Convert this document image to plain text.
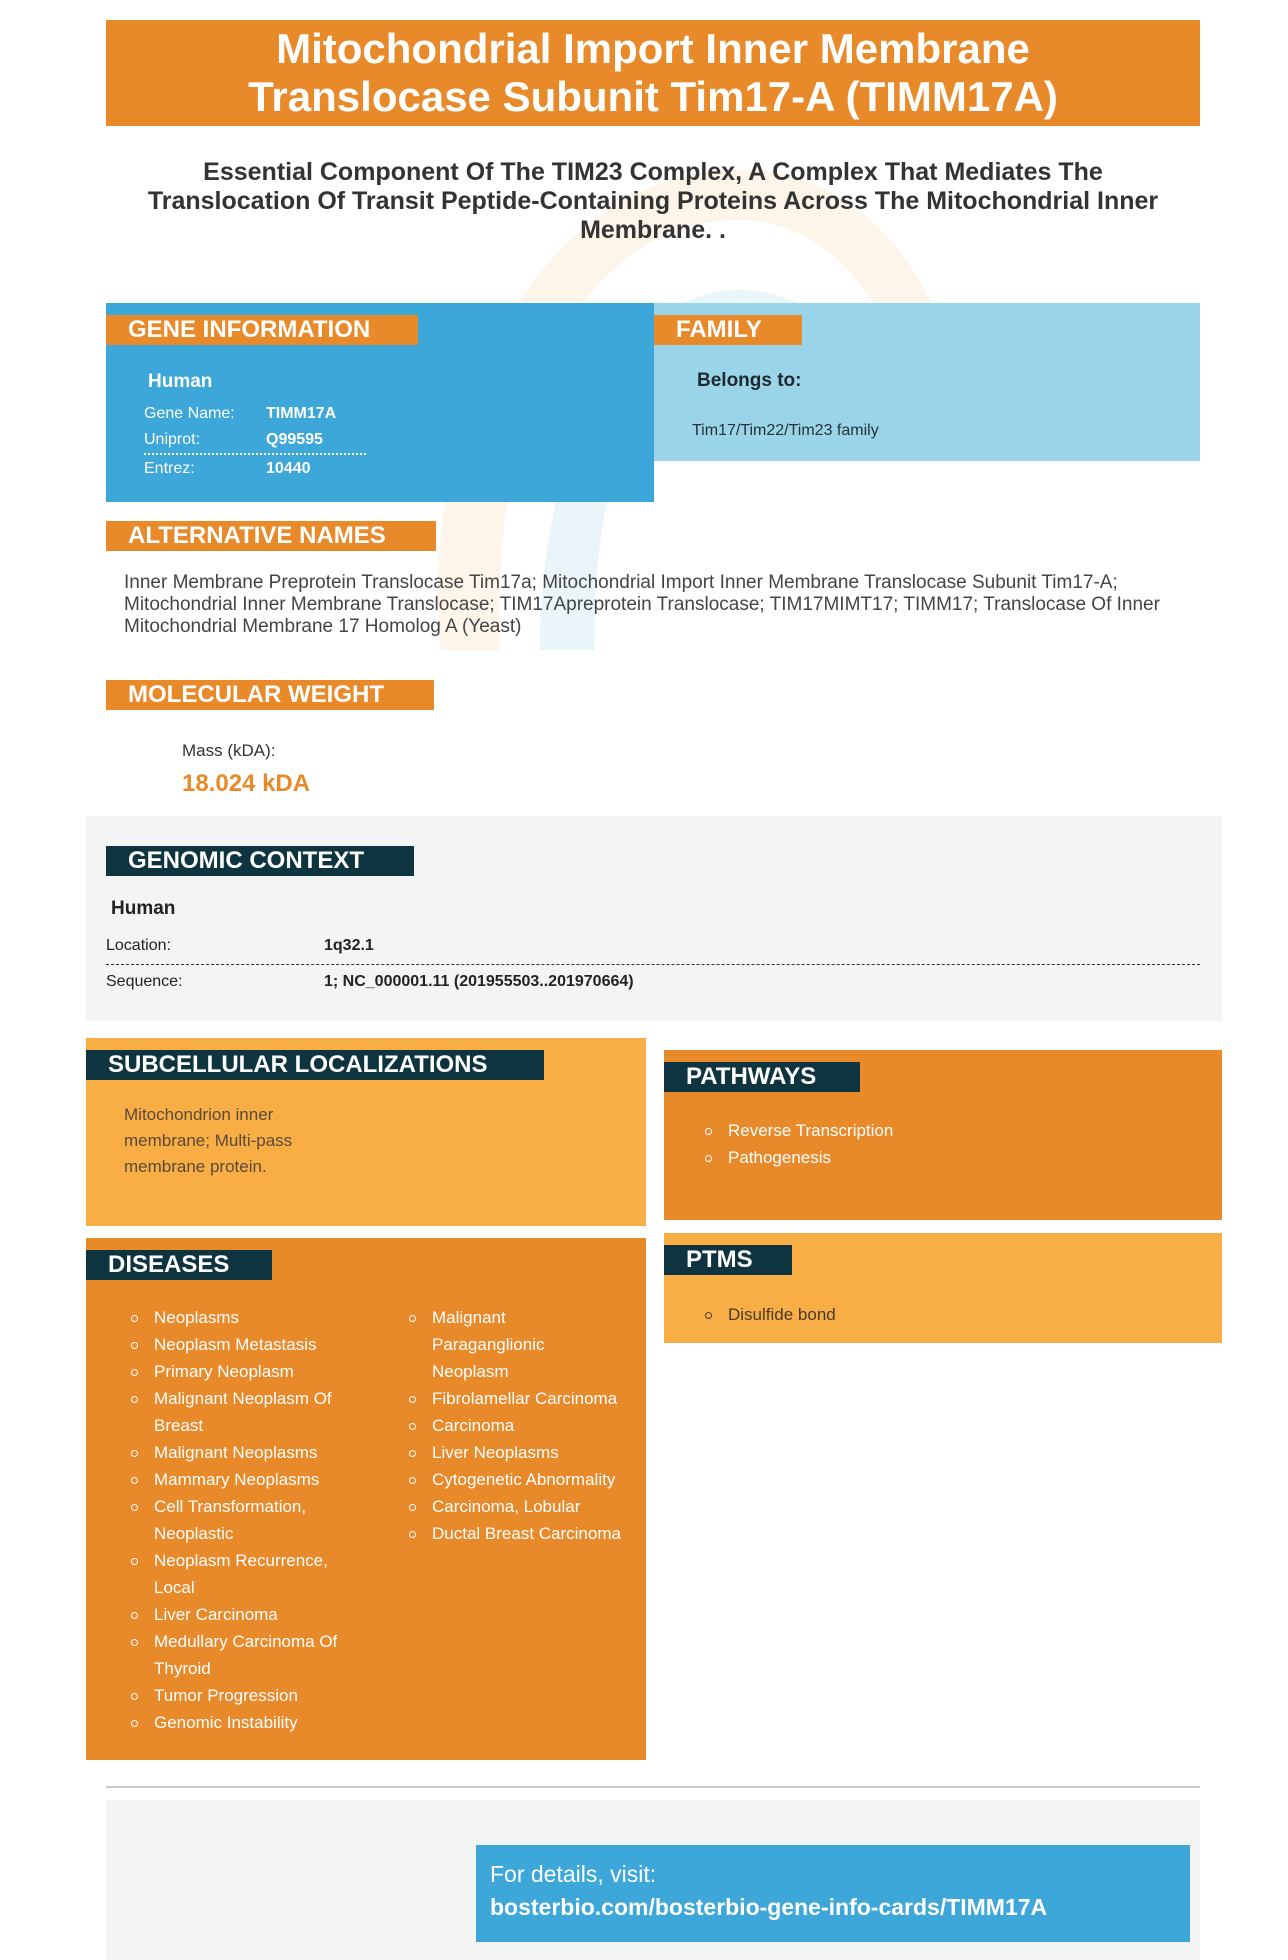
Mitochondrial Import Inner Membrane
Translocase Subunit Tim17-A (TIMM17A)
Essential Component Of The TIM23 Complex, A Complex That Mediates The Translocation Of Transit Peptide-Containing Proteins Across The Mitochondrial Inner Membrane. .
GENE INFORMATION
Human
Gene Name: TIMM17A
Uniprot:	Q99595
Entrez:	10440
FAMILY
Belongs to:
Tim17/Tim22/Tim23 family
ALTERNATIVE NAMES
Inner Membrane Preprotein Translocase Tim17a; Mitochondrial Import Inner Membrane Translocase Subunit Tim17-A; Mitochondrial Inner Membrane Translocase; TIM17Apreprotein Translocase; TIM17MIMT17; TIMM17; Translocase Of Inner Mitochondrial Membrane 17 Homolog A (Yeast)
MOLECULAR WEIGHT
Mass (kDA):
18.024 kDA
GENOMIC CONTEXT
Human
Location:	1q32.1
Sequence:	1; NC_000001.11 (201955503..201970664)
SUBCELLULAR LOCALIZATIONS
Mitochondrion inner
membrane; Multi-pass
membrane protein.
PATHWAYS
Reverse Transcription
Pathogenesis
PTMS
Disulfide bond
DISEASES
Neoplasms
Neoplasm Metastasis
Primary Neoplasm
Malignant Neoplasm Of
Breast
Malignant Neoplasms
Mammary Neoplasms
Cell Transformation,
Neoplastic
Neoplasm Recurrence,
Local
Liver Carcinoma
Medullary Carcinoma Of
Thyroid
Tumor Progression
Genomic Instability
Malignant
Paraganglionic
Neoplasm
Fibrolamellar Carcinoma
Carcinoma
Liver Neoplasms
Cytogenetic Abnormality
Carcinoma, Lobular
Ductal Breast Carcinoma
For details, visit:
bosterbio.com/bosterbio-gene-info-cards/TIMM17A
